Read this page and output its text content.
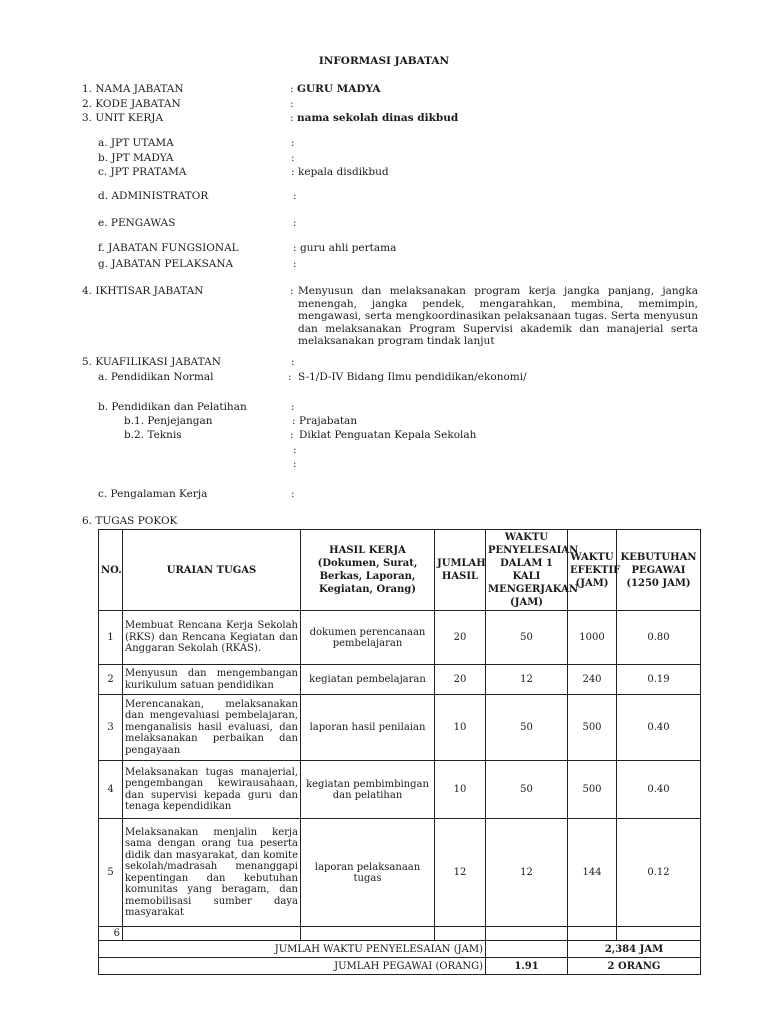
INFORMASI JABATAN
1. NAMA JABATAN	: GURU MADYA
2. KODE JABATAN	:
3. UNIT KERJA	: nama sekolah dinas dikbud
a. JPT UTAMA	:
b. JPT MADYA	:
c. JPT PRATAMA	: kepala disdikbud
d. ADMINISTRATOR	:
e. PENGAWAS	:
f. JABATAN FUNGSIONAL	: guru ahli pertama
g. JABATAN PELAKSANA	:
4. IKHTISAR JABATAN	: Menyusun dan melaksanakan program kerja jangka panjang, jangka menengah, jangka pendek, mengarahkan, membina, memimpin, mengawasi, serta mengkoordinasikan pelaksanaan tugas. Serta menyusun dan melaksanakan Program Supervisi akademik dan manajerial serta melaksanakan program tindak lanjut
5. KUAFILIKASI JABATAN	:
a. Pendidikan Normal	: S-1/D-IV Bidang Ilmu pendidikan/ekonomi/
b. Pendidikan dan Pelatihan	:
b.1. Penjejangan	: Prajabatan
b.2. Teknis	: Diklat Penguatan Kepala Sekolah
:
:
c. Pengalaman Kerja	:
6. TUGAS POKOK
NO.	URAIAN TUGAS	HASIL KERJA (Dokumen, Surat, Berkas, Laporan, Kegiatan, Orang)	JUMLAH HASIL	WAKTU PENYELESAIAN DALAM 1 KALI MENGERJAKAN (JAM)	WAKTU EFEKTIF (JAM)	KEBUTUHAN PEGAWAI (1250 JAM)
1	Membuat Rencana Kerja Sekolah (RKS) dan Rencana Kegiatan dan Anggaran Sekolah (RKAS).	dokumen perencanaan pembelajaran	20	50	1000	0.80
2	Menyusun dan mengembangan kurikulum satuan pendidikan	kegiatan pembelajaran	20	12	240	0.19
3	Merencanakan, melaksanakan dan mengevaluasi pembelajaran, menganalisis hasil evaluasi, dan melaksanakan perbaikan dan pengayaan	laporan hasil penilaian	10	50	500	0.40
4	Melaksanakan tugas manajerial, pengembangan kewirausahaan, dan supervisi kepada guru dan tenaga kependidikan	kegiatan pembimbingan dan pelatihan	10	50	500	0.40
5	Melaksanakan menjalin kerja sama dengan orang tua peserta didik dan masyarakat, dan komite sekolah/madrasah menanggapi kepentingan dan kebutuhan komunitas yang beragam, dan memobilisasi sumber daya masyarakat	laporan pelaksanaan tugas	12	12	144	0.12
6						
JUMLAH WAKTU PENYELESAIAN (JAM)					2,384 JAM	
JUMLAH PEGAWAI (ORANG)				1.91	2 ORANG	
